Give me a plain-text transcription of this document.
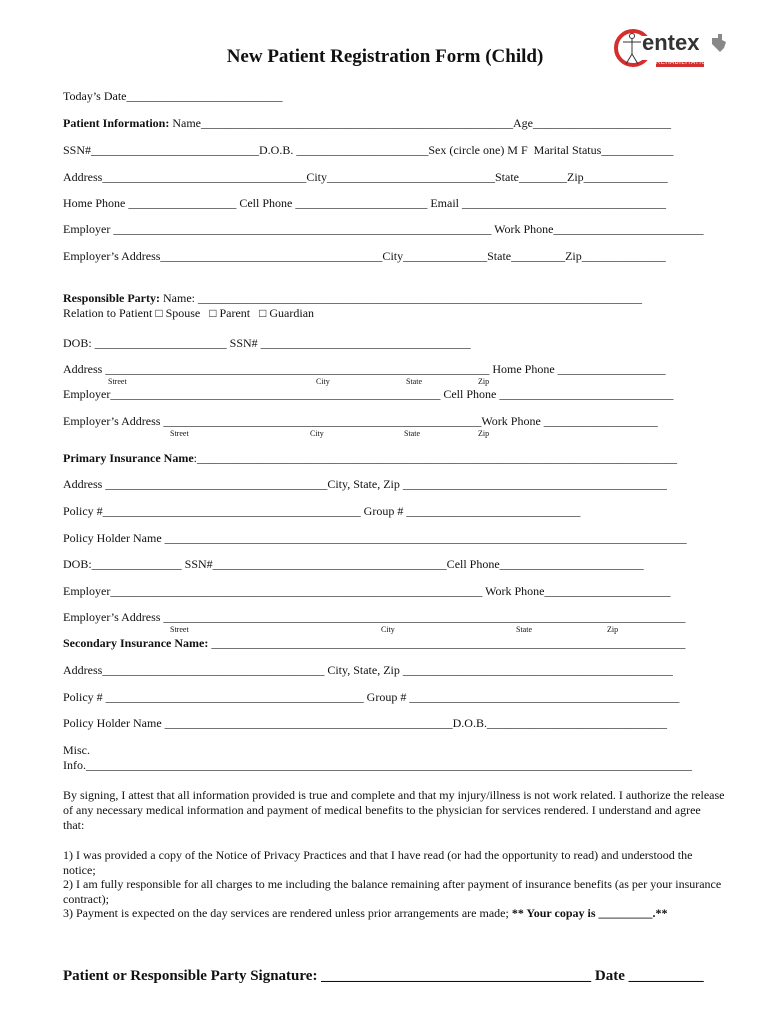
New Patient Registration Form (Child)
entex
REHABILITATION
Today’s Date__________________________
Patient Information: Name____________________________________________________Age_______________________
SSN#____________________________D.O.B. ______________________Sex (circle one) M F  Marital Status____________
Address__________________________________City____________________________State________Zip______________
Home Phone __________________ Cell Phone ______________________ Email __________________________________
Employer _______________________________________________________________ Work Phone_________________________
Employer’s Address_____________________________________City______________State_________Zip______________
Responsible Party: Name: __________________________________________________________________________
Relation to Patient □ Spouse   □ Parent   □ Guardian
DOB: ______________________ SSN# ___________________________________
Address ________________________________________________________________ Home Phone __________________
Street	City	State	Zip
Employer_______________________________________________________ Cell Phone _____________________________
Employer’s Address _____________________________________________________Work Phone ___________________
Street	City	State	Zip
Primary Insurance Name:________________________________________________________________________________
Address _____________________________________City, State, Zip ____________________________________________
Policy #___________________________________________ Group # _____________________________
Policy Holder Name _______________________________________________________________________________________
DOB:_______________ SSN#_______________________________________Cell Phone________________________
Employer______________________________________________________________ Work Phone_____________________
Employer’s Address _______________________________________________________________________________________
Street	City	State	Zip
Secondary Insurance Name: _______________________________________________________________________________
Address_____________________________________ City, State, Zip _____________________________________________
Policy # ___________________________________________ Group # _____________________________________________
Policy Holder Name ________________________________________________D.O.B.______________________________
Misc.
Info._____________________________________________________________________________________________________
By signing, I attest that all information provided is true and complete and that my injury/illness is not work related. I authorize the release of any necessary medical information and payment of medical benefits to the physician for services rendered. I understand and agree that:
1) I was provided a copy of the Notice of Privacy Practices and that I have read (or had the opportunity to read) and understood the notice;
2) I am fully responsible for all charges to me including the balance remaining after payment of insurance benefits (as per your insurance contract);
3) Payment is expected on the day services are rendered unless prior arrangements are made; ** Your copay is _________.**
Patient or Responsible Party Signature: ____________________________________ Date __________
